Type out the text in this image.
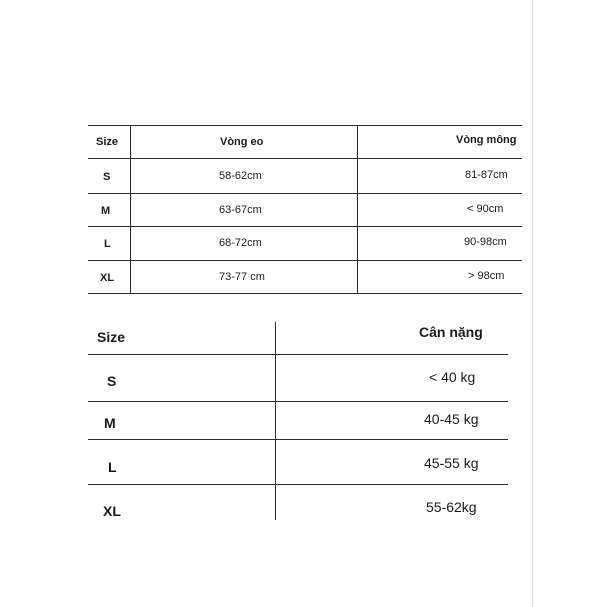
Size	Vòng eo	Vòng mông
S	58-62cm	81-87cm
M	63-67cm	< 90cm
L	68-72cm	90-98cm
XL	73-77 cm	> 98cm
Size	Cân nặng
S	< 40 kg
M	40-45 kg
L	45-55 kg
XL	55-62kg
